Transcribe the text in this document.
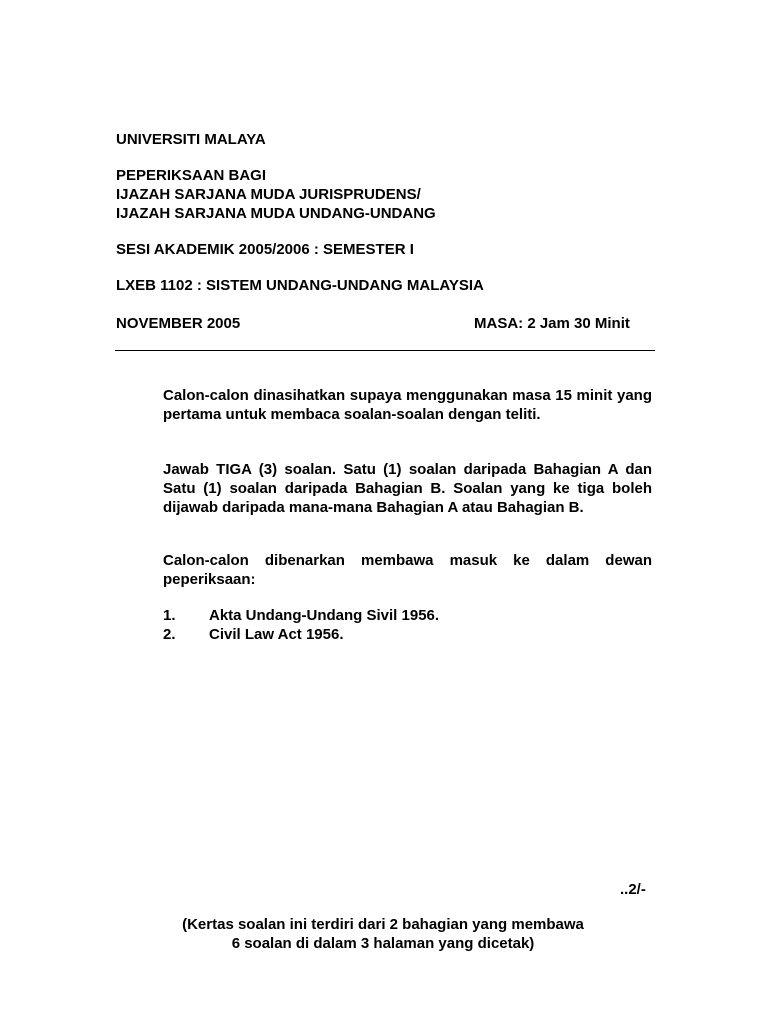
UNIVERSITI MALAYA
PEPERIKSAAN BAGI
IJAZAH SARJANA MUDA JURISPRUDENS/
IJAZAH SARJANA MUDA UNDANG-UNDANG
SESI AKADEMIK 2005/2006 : SEMESTER I
LXEB 1102 : SISTEM UNDANG-UNDANG MALAYSIA
NOVEMBER 2005	MASA: 2 Jam 30 Minit
Calon-calon dinasihatkan supaya menggunakan masa 15 minit yang pertama untuk membaca soalan-soalan dengan teliti.
Jawab TIGA (3) soalan. Satu (1) soalan daripada Bahagian A dan Satu (1) soalan daripada Bahagian B. Soalan yang ke tiga boleh dijawab daripada mana-mana Bahagian A atau Bahagian B.
Calon-calon dibenarkan membawa masuk ke dalam dewan peperiksaan:
1. Akta Undang-Undang Sivil 1956.
2. Civil Law Act 1956.
..2/-
(Kertas soalan ini terdiri dari 2 bahagian yang membawa
6 soalan di dalam 3 halaman yang dicetak)
